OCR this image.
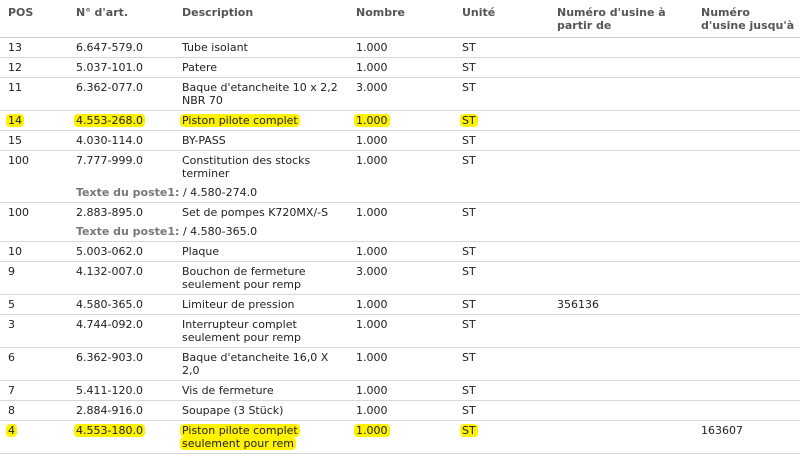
POS	N° d'art.	Description	Nombre	Unité	Numéro d'usine à partir de	Numéro d'usine jusqu'à
13	6.647-579.0	Tube isolant	1.000	ST		
12	5.037-101.0	Patere	1.000	ST		
11	6.362-077.0	Baque d'etancheite 10 x 2,2 NBR 70	3.000	ST		
14	4.553-268.0	Piston pilote complet	1.000	ST		
15	4.030-114.0	BY-PASS	1.000	ST		
100	7.777-999.0	Constitution des stocks terminer	1.000	ST		
	Texte du poste1: / 4.580-274.0					
100	2.883-895.0	Set de pompes K720MX/-S	1.000	ST		
	Texte du poste1: / 4.580-365.0					
10	5.003-062.0	Plaque	1.000	ST		
9	4.132-007.0	Bouchon de fermeture seulement pour remp	3.000	ST		
5	4.580-365.0	Limiteur de pression	1.000	ST	356136	
3	4.744-092.0	Interrupteur complet seulement pour remp	1.000	ST		
6	6.362-903.0	Baque d'etancheite 16,0 X 2,0	1.000	ST		
7	5.411-120.0	Vis de fermeture	1.000	ST		
8	2.884-916.0	Soupape (3 Stück)	1.000	ST		
4	4.553-180.0	Piston pilote complet seulement pour rem	1.000	ST		163607
